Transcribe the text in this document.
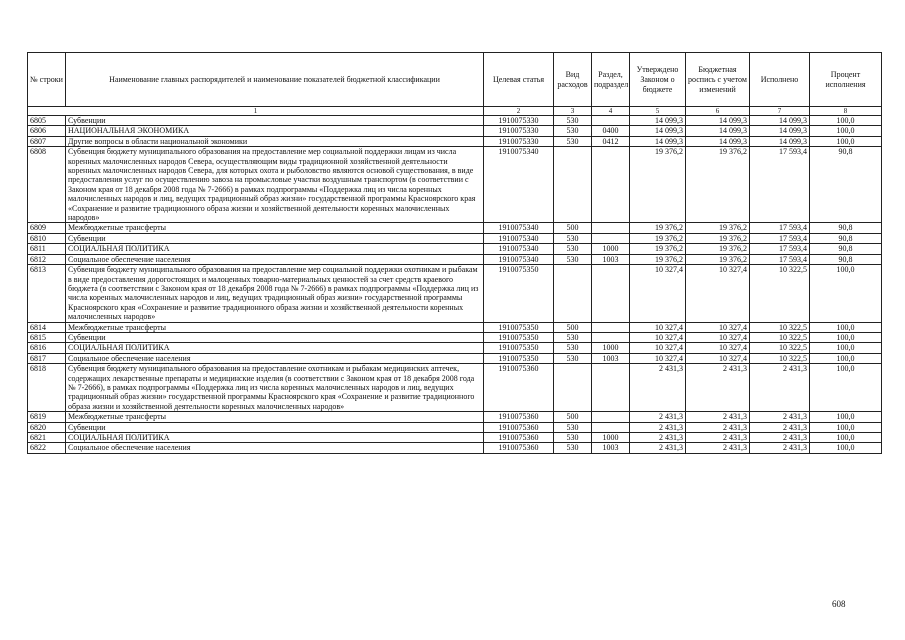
№ строки	Наименование главных распорядителей и наименование показателей бюджетной классификации	Целевая статья	Вид расходов	Раздел, подраздел	Утверждено Законом о бюджете	Бюджетная роспись с учетом изменений	Исполнено	Процент исполнения
1		2	3	4	5	6	7	8
6805	Субвенции	1910075330	530		14 099,3	14 099,3	14 099,3	100,0
6806	НАЦИОНАЛЬНАЯ ЭКОНОМИКА	1910075330	530	0400	14 099,3	14 099,3	14 099,3	100,0
6807	Другие вопросы в области национальной экономики	1910075330	530	0412	14 099,3	14 099,3	14 099,3	100,0
6808	Субвенция бюджету муниципального образования на предоставление мер социальной поддержки лицам из числа коренных малочисленных народов Севера, осуществляющим виды традиционной хозяйственной деятельности коренных малочисленных народов Севера, для которых охота и рыболовство являются основой существования, в виде предоставления услуг по осуществлению завоза на промысловые участки воздушным транспортом (в соответствии с Законом края от 18 декабря 2008 года № 7-2666) в рамках подпрограммы «Поддержка лиц из числа коренных малочисленных народов и лиц, ведущих традиционный образ жизни» государственной программы Красноярского края «Сохранение и развитие традиционного образа жизни и хозяйственной деятельности коренных малочисленных народов»	1910075340			19 376,2	19 376,2	17 593,4	90,8
6809	Межбюджетные трансферты	1910075340	500		19 376,2	19 376,2	17 593,4	90,8
6810	Субвенции	1910075340	530		19 376,2	19 376,2	17 593,4	90,8
6811	СОЦИАЛЬНАЯ ПОЛИТИКА	1910075340	530	1000	19 376,2	19 376,2	17 593,4	90,8
6812	Социальное обеспечение населения	1910075340	530	1003	19 376,2	19 376,2	17 593,4	90,8
6813	Субвенция бюджету муниципального образования на предоставление мер социальной поддержки охотникам и рыбакам в виде предоставления дорогостоящих и малоценных товарно-материальных ценностей за счет средств краевого бюджета (в соответствии с Законом края от 18 декабря 2008 года № 7-2666) в рамках подпрограммы «Поддержка лиц из числа коренных малочисленных народов и лиц, ведущих традиционный образ жизни» государственной программы Красноярского края «Сохранение и развитие традиционного образа жизни и хозяйственной деятельности коренных малочисленных народов»	1910075350			10 327,4	10 327,4	10 322,5	100,0
6814	Межбюджетные трансферты	1910075350	500		10 327,4	10 327,4	10 322,5	100,0
6815	Субвенции	1910075350	530		10 327,4	10 327,4	10 322,5	100,0
6816	СОЦИАЛЬНАЯ ПОЛИТИКА	1910075350	530	1000	10 327,4	10 327,4	10 322,5	100,0
6817	Социальное обеспечение населения	1910075350	530	1003	10 327,4	10 327,4	10 322,5	100,0
6818	Субвенция бюджету муниципального образования на предоставление охотникам и рыбакам медицинских аптечек, содержащих лекарственные препараты и медицинские изделия (в соответствии с Законом края от 18 декабря 2008 года № 7-2666), в рамках подпрограммы «Поддержка лиц из числа коренных малочисленных народов и лиц, ведущих традиционный образ жизни» государственной программы Красноярского края «Сохранение и развитие традиционного образа жизни и хозяйственной деятельности коренных малочисленных народов»	1910075360			2 431,3	2 431,3	2 431,3	100,0
6819	Межбюджетные трансферты	1910075360	500		2 431,3	2 431,3	2 431,3	100,0
6820	Субвенции	1910075360	530		2 431,3	2 431,3	2 431,3	100,0
6821	СОЦИАЛЬНАЯ ПОЛИТИКА	1910075360	530	1000	2 431,3	2 431,3	2 431,3	100,0
6822	Социальное обеспечение населения	1910075360	530	1003	2 431,3	2 431,3	2 431,3	100,0
608
